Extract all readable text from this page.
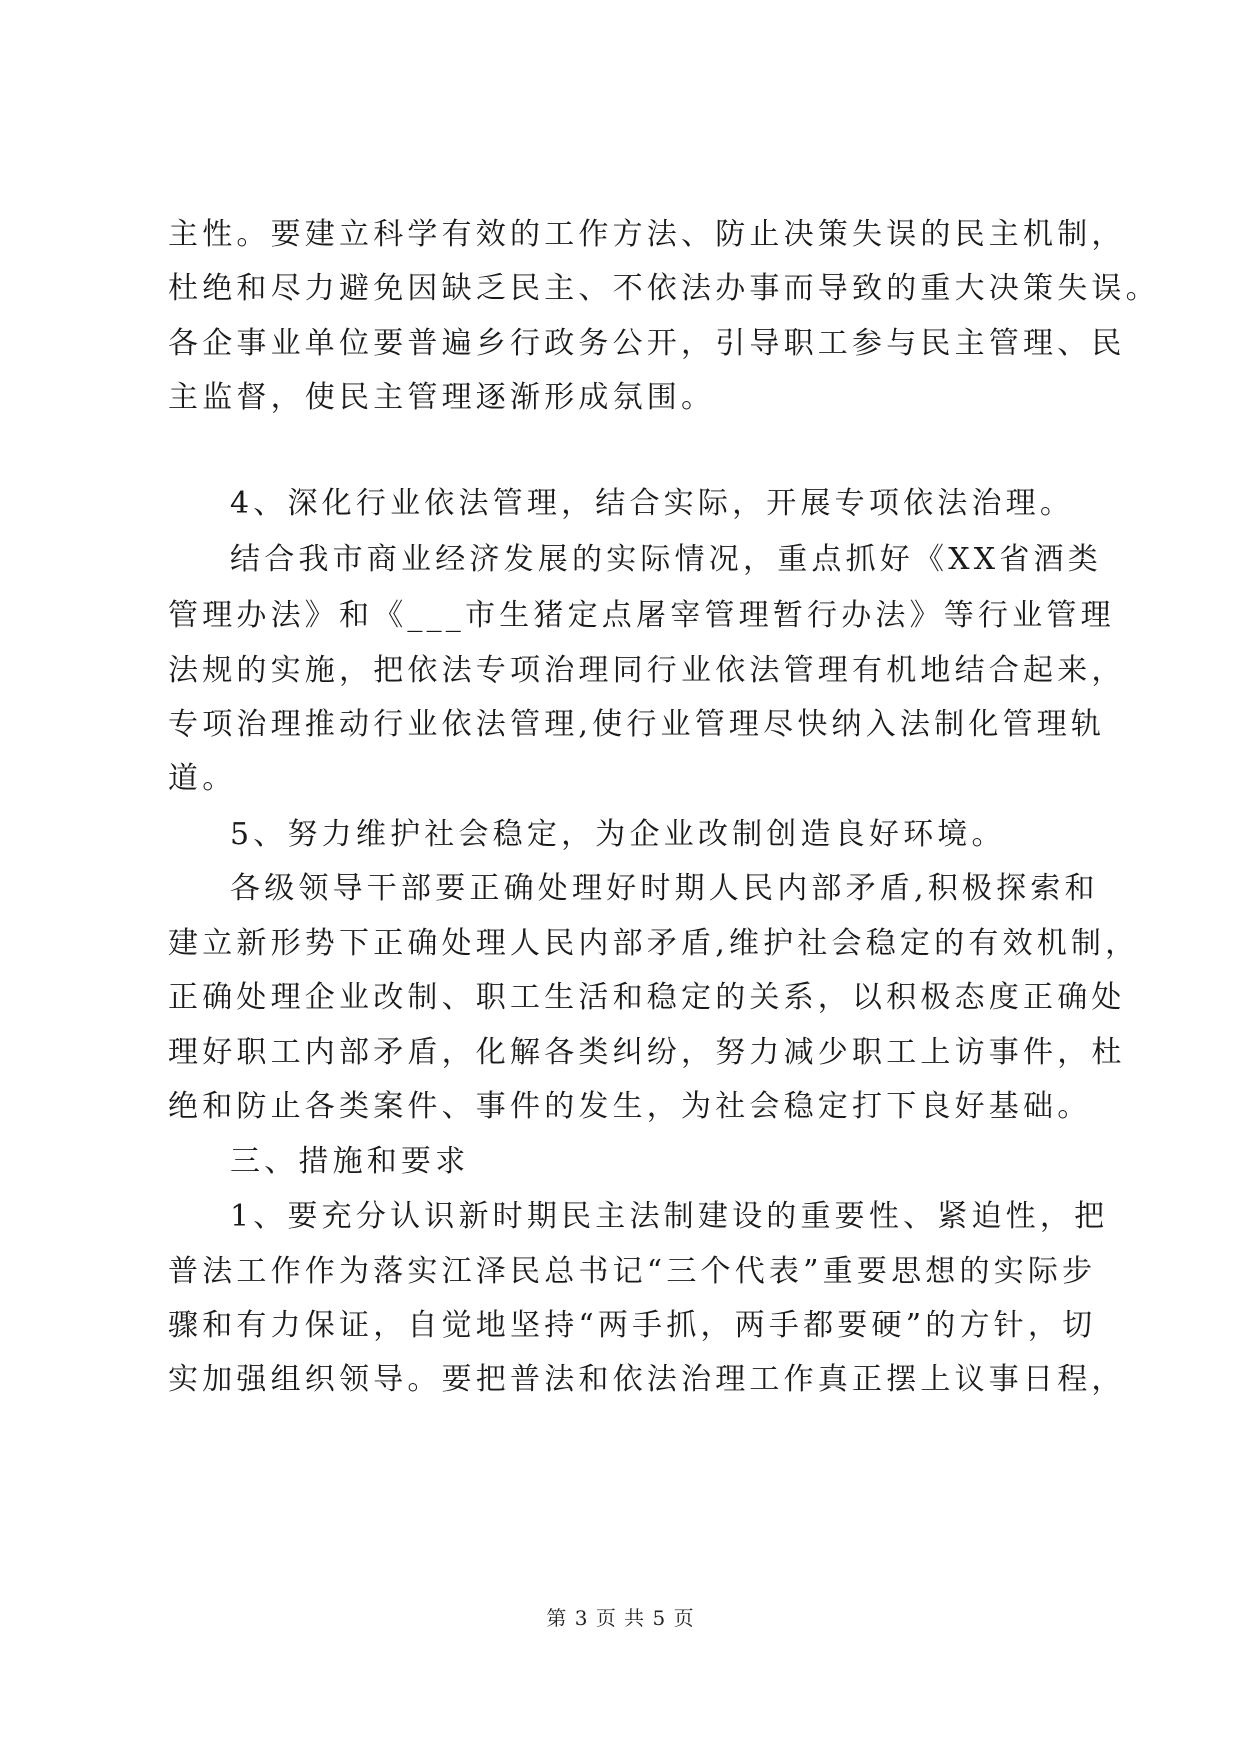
主性。要建立科学有效的工作方法、防止决策失误的民主机制，
杜绝和尽力避免因缺乏民主、不依法办事而导致的重大决策失误。
各企事业单位要普遍乡行政务公开，引导职工参与民主管理、民
主监督，使民主管理逐渐形成氛围。
4、深化行业依法管理，结合实际，开展专项依法治理。
结合我市商业经济发展的实际情况，重点抓好《XX省酒类
管理办法》和《___市生猪定点屠宰管理暂行办法》等行业管理
法规的实施，把依法专项治理同行业依法管理有机地结合起来，
专项治理推动行业依法管理,使行业管理尽快纳入法制化管理轨
道。
5、努力维护社会稳定，为企业改制创造良好环境。
各级领导干部要正确处理好时期人民内部矛盾,积极探索和
建立新形势下正确处理人民内部矛盾,维护社会稳定的有效机制，
正确处理企业改制、职工生活和稳定的关系，以积极态度正确处
理好职工内部矛盾，化解各类纠纷，努力减少职工上访事件，杜
绝和防止各类案件、事件的发生，为社会稳定打下良好基础。
三、措施和要求
1、要充分认识新时期民主法制建设的重要性、紧迫性，把
普法工作作为落实江泽民总书记“三个代表”重要思想的实际步
骤和有力保证，自觉地坚持“两手抓，两手都要硬”的方针，切
实加强组织领导。要把普法和依法治理工作真正摆上议事日程，
第 3 页 共 5 页
